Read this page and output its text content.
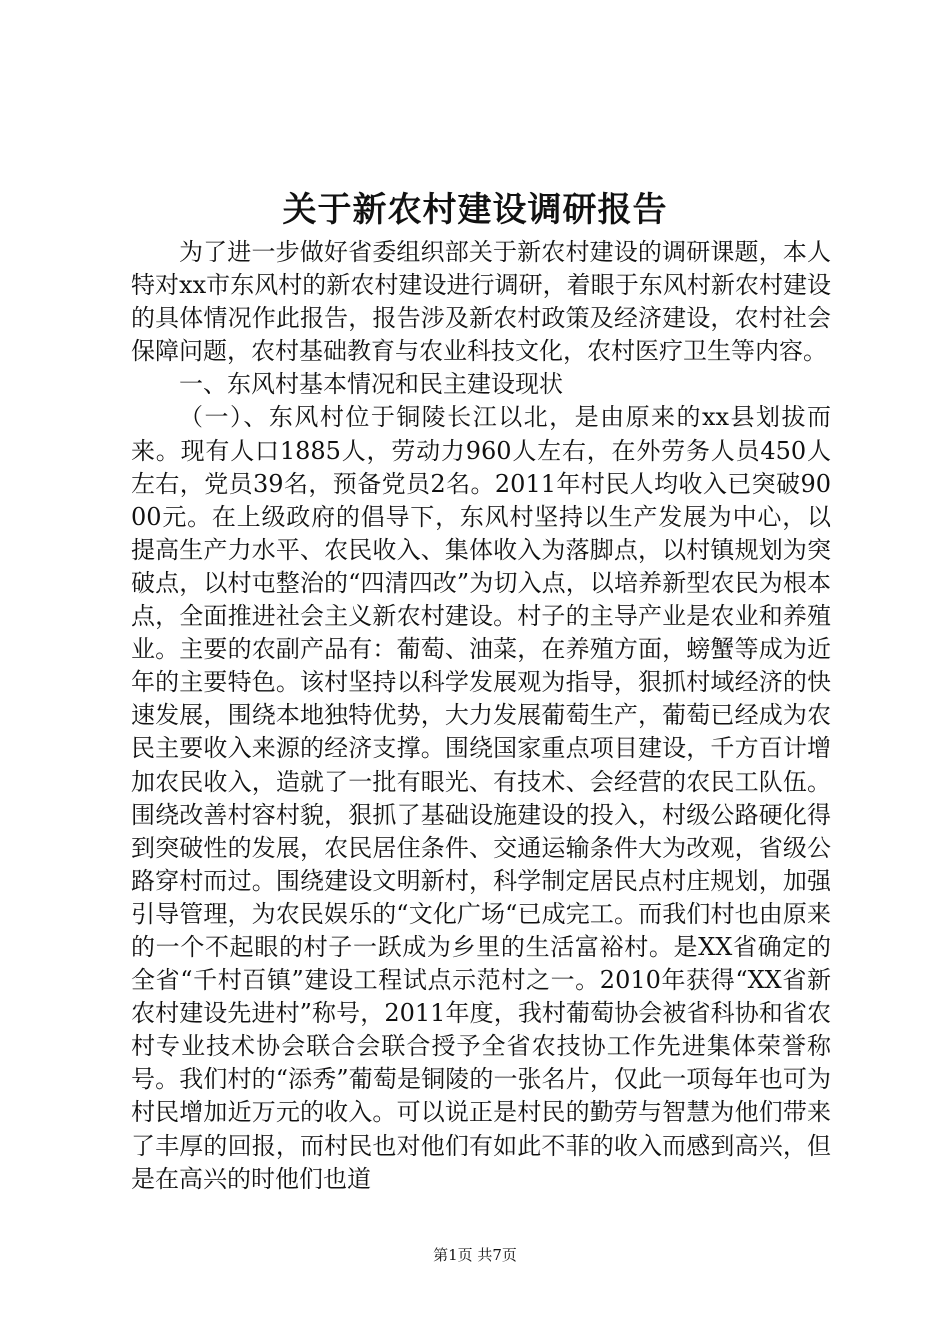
关于新农村建设调研报告

为了进一步做好省委组织部关于新农村建设的调研课题，本人特对xx市东风村的新农村建设进行调研，着眼于东风村新农村建设的具体情况作此报告，报告涉及新农村政策及经济建设，农村社会保障问题，农村基础教育与农业科技文化，农村医疗卫生等内容。

一、东风村基本情况和民主建设现状

（一）、东风村位于铜陵长江以北，是由原来的xx县划拔而来。现有人口1885人，劳动力960人左右，在外劳务人员450人左右，党员39名，预备党员2名。2011年村民人均收入已突破9000元。在上级政府的倡导下，东风村坚持以生产发展为中心，以提高生产力水平、农民收入、集体收入为落脚点，以村镇规划为突破点，以村屯整治的“四清四改”为切入点，以培养新型农民为根本点，全面推进社会主义新农村建设。村子的主导产业是农业和养殖业。主要的农副产品有：葡萄、油菜，在养殖方面，螃蟹等成为近年的主要特色。该村坚持以科学发展观为指导，狠抓村域经济的快速发展，围绕本地独特优势，大力发展葡萄生产，葡萄已经成为农民主要收入来源的经济支撑。围绕国家重点项目建设，千方百计增加农民收入，造就了一批有眼光、有技术、会经营的农民工队伍。围绕改善村容村貌，狠抓了基础设施建设的投入，村级公路硬化得到突破性的发展，农民居住条件、交通运输条件大为改观，省级公路穿村而过。围绕建设文明新村，科学制定居民点村庄规划，加强引导管理，为农民娱乐的“文化广场“已成完工。而我们村也由原来的一个不起眼的村子一跃成为乡里的生活富裕村。是XX省确定的全省“千村百镇”建设工程试点示范村之一。2010年获得“XX省新农村建设先进村”称号，2011年度，我村葡萄协会被省科协和省农村专业技术协会联合会联合授予全省农技协工作先进集体荣誉称号。我们村的“添秀”葡萄是铜陵的一张名片，仅此一项每年也可为村民增加近万元的收入。可以说正是村民的勤劳与智慧为他们带来了丰厚的回报，而村民也对他们有如此不菲的收入而感到高兴，但是在高兴的时他们也道

第1页 共7页
